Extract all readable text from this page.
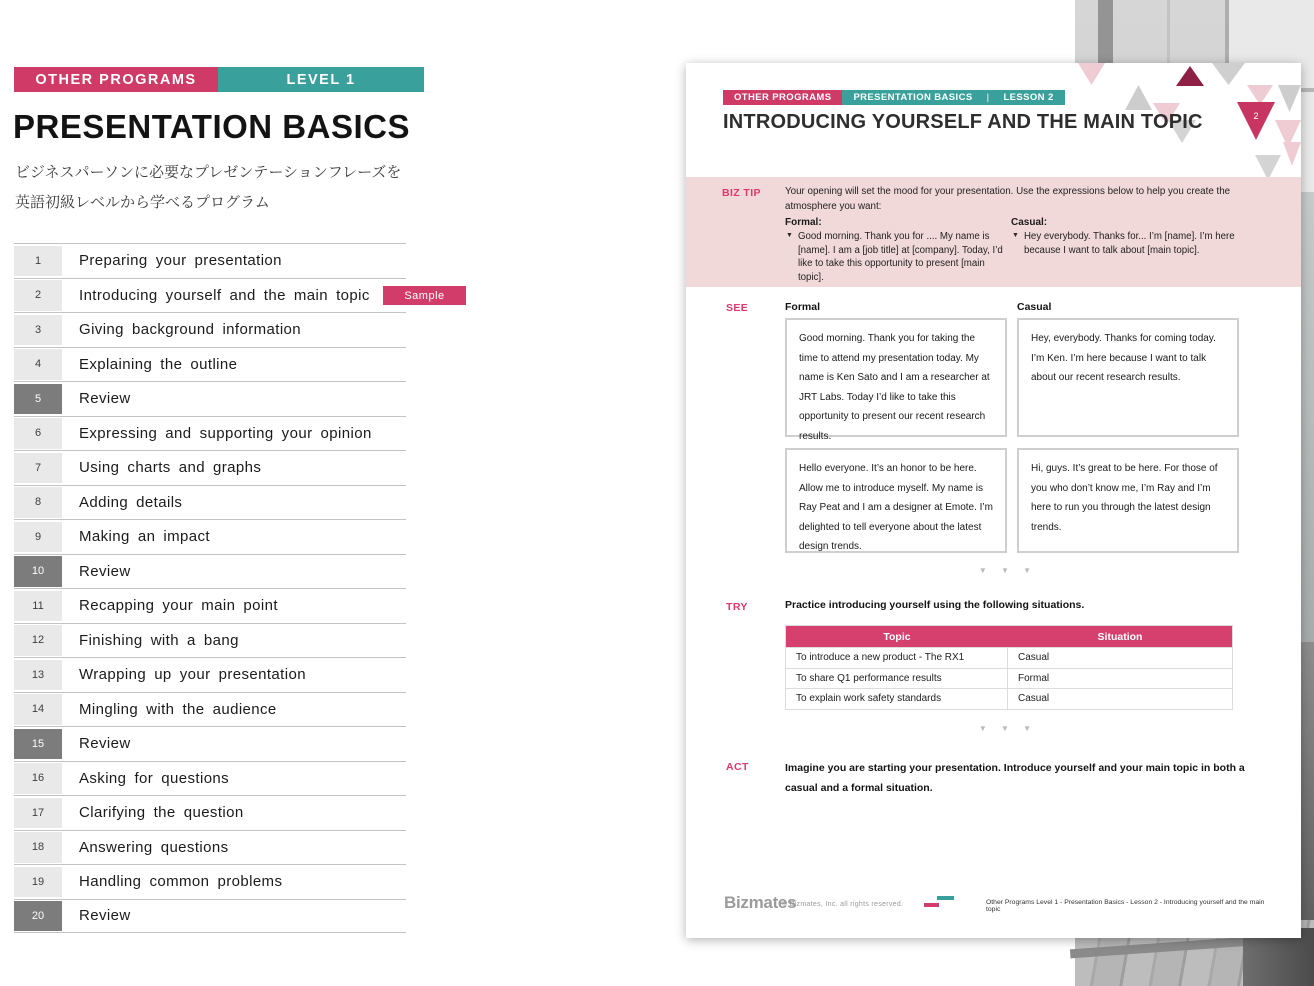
OTHER PROGRAMS	LEVEL 1
PRESENTATION BASICS
ビジネスパーソンに必要なプレゼンテーションフレーズを
英語初級レベルから学べるプログラム
1	Preparing your presentation
2	Introducing yourself and the main topic	Sample
3	Giving background information
4	Explaining the outline
5	Review
6	Expressing and supporting your opinion
7	Using charts and graphs
8	Adding details
9	Making an impact
10	Review
11	Recapping your main point
12	Finishing with a bang
13	Wrapping up your presentation
14	Mingling with the audience
15	Review
16	Asking for questions
17	Clarifying the question
18	Answering questions
19	Handling common problems
20	Review
2
OTHER PROGRAMS	PRESENTATION BASICS | LESSON 2
INTRODUCING YOURSELF AND THE MAIN TOPIC
BIZ TIP Your opening will set the mood for your presentation. Use the expressions below to help you create the atmosphere you want:
Formal:
▼ Good morning. Thank you for .... My name is [name]. I am a [job title] at [company]. Today, I’d like to take this opportunity to present [main topic].
Casual:
▼ Hey everybody. Thanks for... I’m [name]. I’m here because I want to talk about [main topic].
SEE	Formal	Casual
Good morning. Thank you for taking the time to attend my presentation today. My name is Ken Sato and I am a researcher at JRT Labs. Today I’d like to take this opportunity to present our recent research results.
Hey, everybody. Thanks for coming today. I’m Ken. I’m here because I want to talk about our recent research results.
Hello everyone. It’s an honor to be here. Allow me to introduce myself. My name is Ray Peat and I am a designer at Emote. I’m delighted to tell everyone about the latest design trends.
Hi, guys. It’s great to be here. For those of you who don’t know me, I’m Ray and I’m here to run you through the latest design trends.
▼ ▼ ▼
TRY	Practice introducing yourself using the following situations.
Topic	Situation
To introduce a new product - The RX1	Casual
To share Q1 performance results	Formal
To explain work safety standards	Casual
▼ ▼ ▼
ACT	Imagine you are starting your presentation. Introduce yourself and your main topic in both a casual and a formal situation.
Bizmates
© Bizmates, Inc. all rights reserved.	Other Programs Level 1 - Presentation Basics - Lesson 2 - Introducing yourself and the main topic
